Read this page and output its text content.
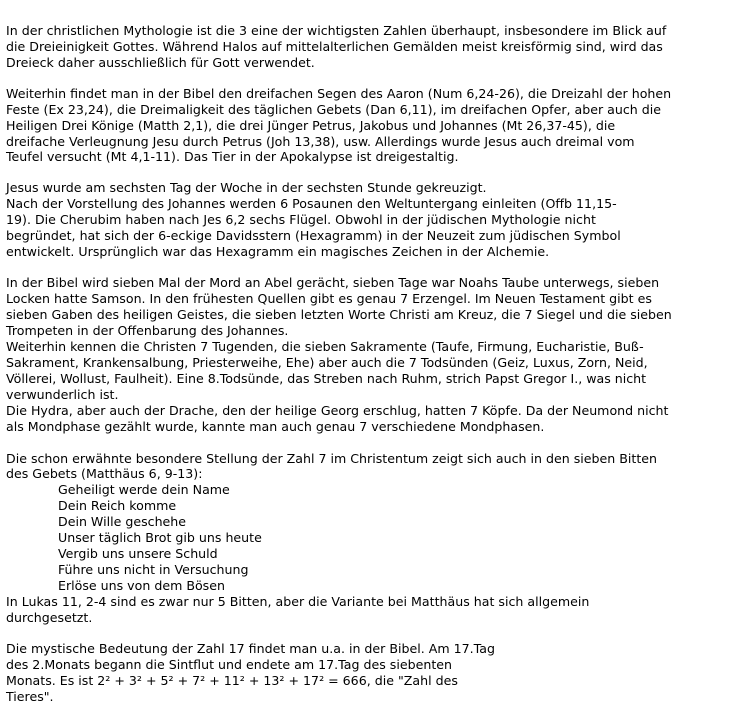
In der christlichen Mythologie ist die 3 eine der wichtigsten Zahlen überhaupt, insbesondere im Blick auf
die Dreieinigkeit Gottes. Während Halos auf mittelalterlichen Gemälden meist kreisförmig sind, wird das
Dreieck daher ausschließlich für Gott verwendet.
Weiterhin findet man in der Bibel den dreifachen Segen des Aaron (Num 6,24-26), die Dreizahl der hohen
Feste (Ex 23,24), die Dreimaligkeit des täglichen Gebets (Dan 6,11), im dreifachen Opfer, aber auch die
Heiligen Drei Könige (Matth 2,1), die drei Jünger Petrus, Jakobus und Johannes (Mt 26,37-45), die
dreifache Verleugnung Jesu durch Petrus (Joh 13,38), usw. Allerdings wurde Jesus auch dreimal vom
Teufel versucht (Mt 4,1-11). Das Tier in der Apokalypse ist dreigestaltig.
Jesus wurde am sechsten Tag der Woche in der sechsten Stunde gekreuzigt.
Nach der Vorstellung des Johannes werden 6 Posaunen den Weltuntergang einleiten (Offb 11,15-
19). Die Cherubim haben nach Jes 6,2 sechs Flügel. Obwohl in der jüdischen Mythologie nicht
begründet, hat sich der 6-eckige Davidsstern (Hexagramm) in der Neuzeit zum jüdischen Symbol
entwickelt. Ursprünglich war das Hexagramm ein magisches Zeichen in der Alchemie.
In der Bibel wird sieben Mal der Mord an Abel gerächt, sieben Tage war Noahs Taube unterwegs, sieben
Locken hatte Samson. In den frühesten Quellen gibt es genau 7 Erzengel. Im Neuen Testament gibt es
sieben Gaben des heiligen Geistes, die sieben letzten Worte Christi am Kreuz, die 7 Siegel und die sieben
Trompeten in der Offenbarung des Johannes.
Weiterhin kennen die Christen 7 Tugenden, die sieben Sakramente (Taufe, Firmung, Eucharistie, Buß-
Sakrament, Krankensalbung, Priesterweihe, Ehe) aber auch die 7 Todsünden (Geiz, Luxus, Zorn, Neid,
Völlerei, Wollust, Faulheit). Eine 8.Todsünde, das Streben nach Ruhm, strich Papst Gregor I., was nicht
verwunderlich ist.
Die Hydra, aber auch der Drache, den der heilige Georg erschlug, hatten 7 Köpfe. Da der Neumond nicht
als Mondphase gezählt wurde, kannte man auch genau 7 verschiedene Mondphasen.
Die schon erwähnte besondere Stellung der Zahl 7 im Christentum zeigt sich auch in den sieben Bitten
des Gebets (Matthäus 6, 9-13):
Geheiligt werde dein Name
Dein Reich komme
Dein Wille geschehe
Unser täglich Brot gib uns heute
Vergib uns unsere Schuld
Führe uns nicht in Versuchung
Erlöse uns von dem Bösen
In Lukas 11, 2-4 sind es zwar nur 5 Bitten, aber die Variante bei Matthäus hat sich allgemein
durchgesetzt.
Die mystische Bedeutung der Zahl 17 findet man u.a. in der Bibel. Am 17.Tag
des 2.Monats begann die Sintflut und endete am 17.Tag des siebenten
Monats. Es ist 2² + 3² + 5² + 7² + 11² + 13² + 17² = 666, die "Zahl des
Tieres".
